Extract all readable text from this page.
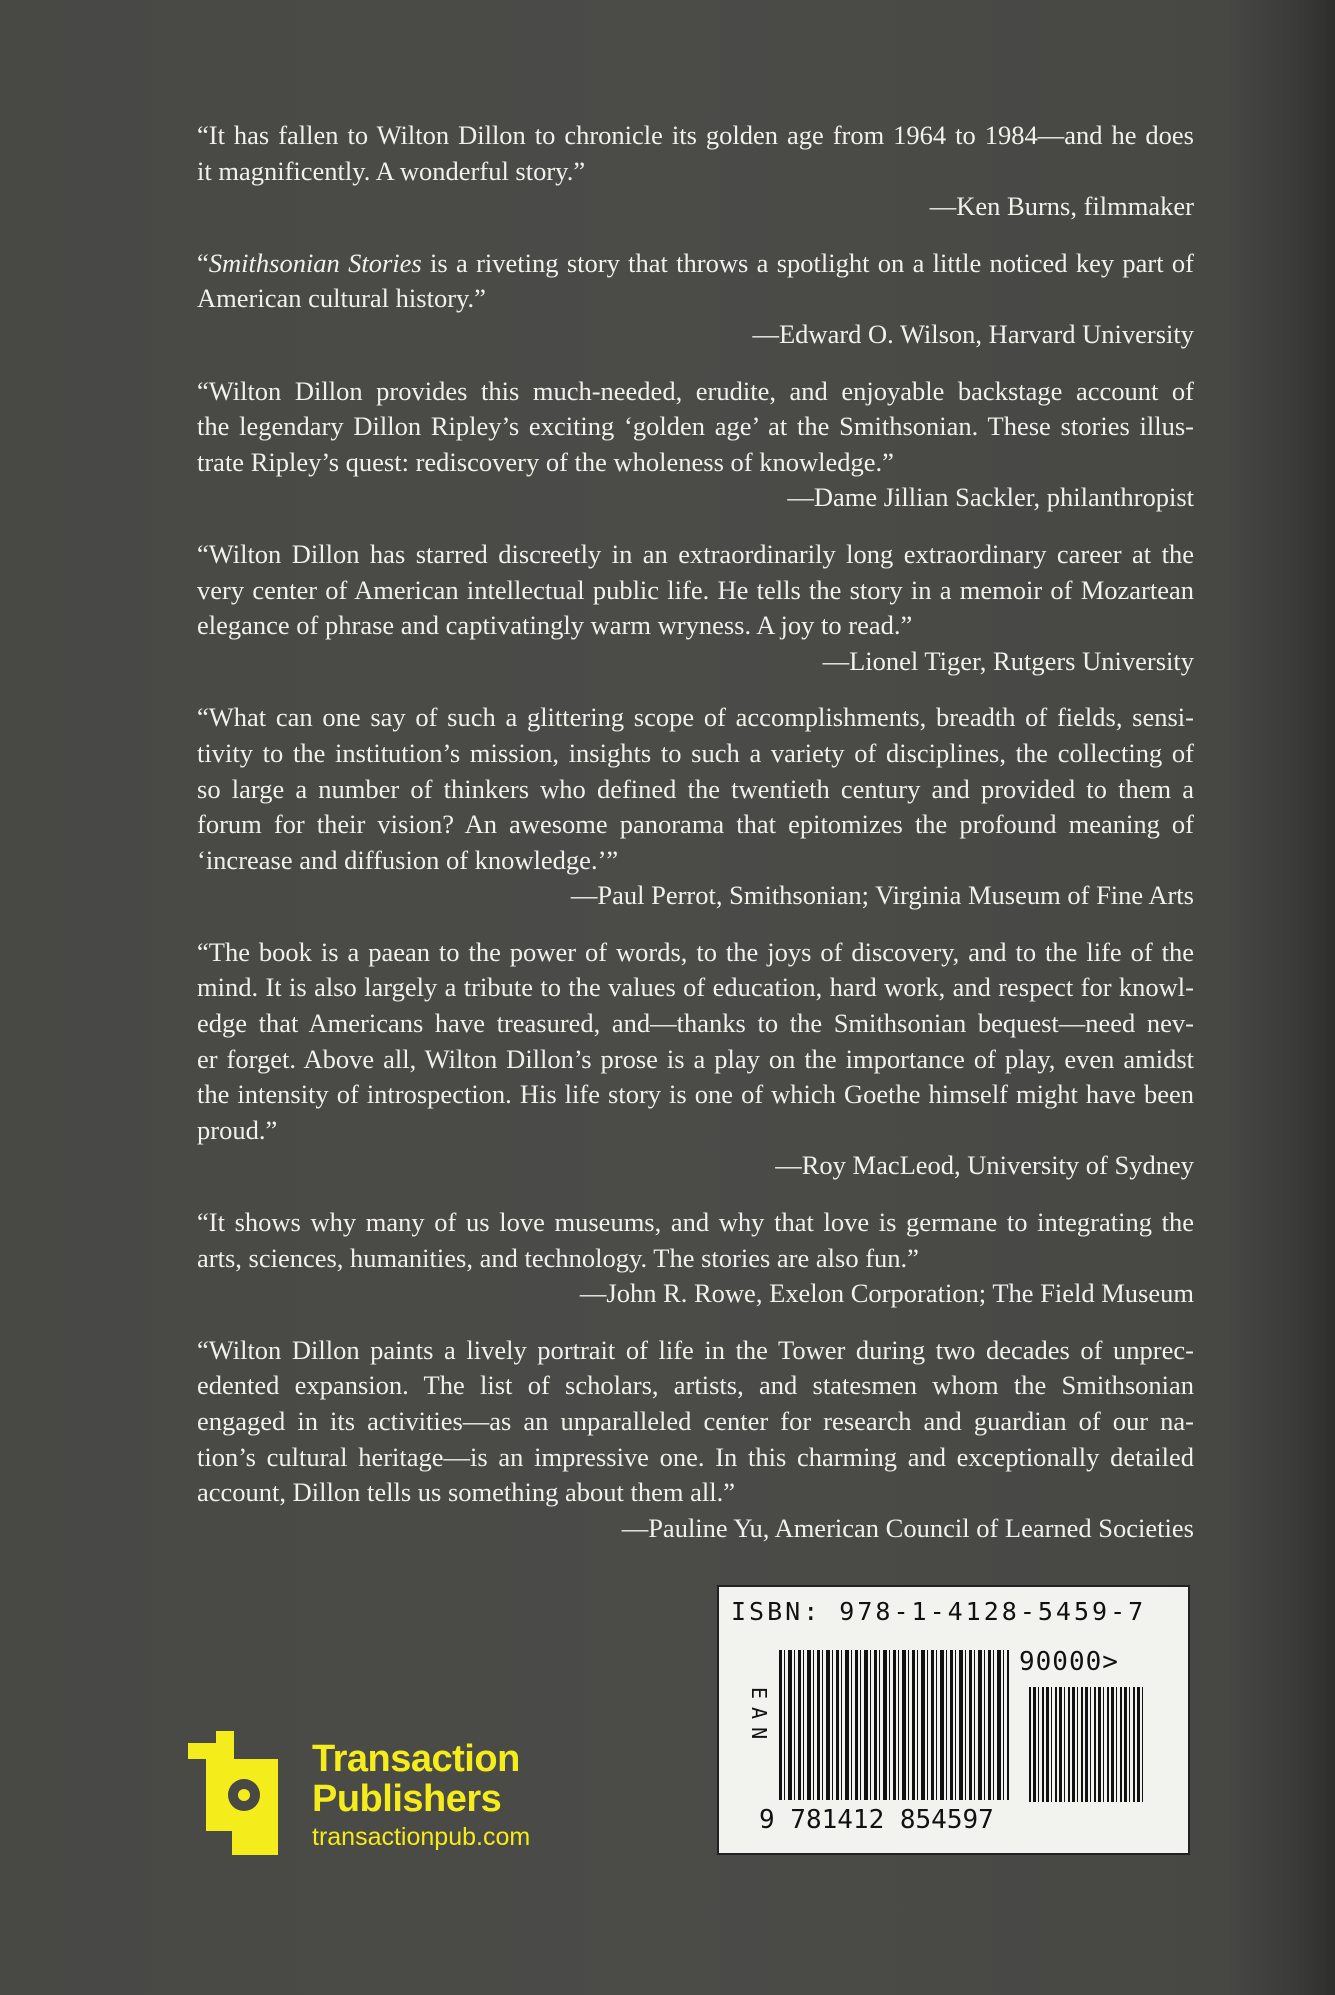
“It has fallen to Wilton Dillon to chronicle its golden age from 1964 to 1984—and he does
it magnificently. A wonderful story.”
—Ken Burns, filmmaker
“Smithsonian Stories is a riveting story that throws a spotlight on a little noticed key part of
American cultural history.”
—Edward O. Wilson, Harvard University
“Wilton Dillon provides this much-needed, erudite, and enjoyable backstage account of
the legendary Dillon Ripley’s exciting ‘golden age’ at the Smithsonian. These stories illus-
trate Ripley’s quest: rediscovery of the wholeness of knowledge.”
—Dame Jillian Sackler, philanthropist
“Wilton Dillon has starred discreetly in an extraordinarily long extraordinary career at the
very center of American intellectual public life. He tells the story in a memoir of Mozartean
elegance of phrase and captivatingly warm wryness. A joy to read.”
—Lionel Tiger, Rutgers University
“What can one say of such a glittering scope of accomplishments, breadth of fields, sensi-
tivity to the institution’s mission, insights to such a variety of disciplines, the collecting of
so large a number of thinkers who defined the twentieth century and provided to them a
forum for their vision? An awesome panorama that epitomizes the profound meaning of
‘increase and diffusion of knowledge.’”
—Paul Perrot, Smithsonian; Virginia Museum of Fine Arts
“The book is a paean to the power of words, to the joys of discovery, and to the life of the
mind. It is also largely a tribute to the values of education, hard work, and respect for knowl-
edge that Americans have treasured, and—thanks to the Smithsonian bequest—need nev-
er forget. Above all, Wilton Dillon’s prose is a play on the importance of play, even amidst
the intensity of introspection. His life story is one of which Goethe himself might have been
proud.”
—Roy MacLeod, University of Sydney
“It shows why many of us love museums, and why that love is germane to integrating the
arts, sciences, humanities, and technology. The stories are also fun.”
—John R. Rowe, Exelon Corporation; The Field Museum
“Wilton Dillon paints a lively portrait of life in the Tower during two decades of unprec-
edented expansion. The list of scholars, artists, and statesmen whom the Smithsonian
engaged in its activities—as an unparalleled center for research and guardian of our na-
tion’s cultural heritage—is an impressive one. In this charming and exceptionally detailed
account, Dillon tells us something about them all.”
—Pauline Yu, American Council of Learned Societies
ISBN: 978-1-4128-5459-7
EAN
90000>
9 781412 854597
Transaction
Publishers
transactionpub.com
